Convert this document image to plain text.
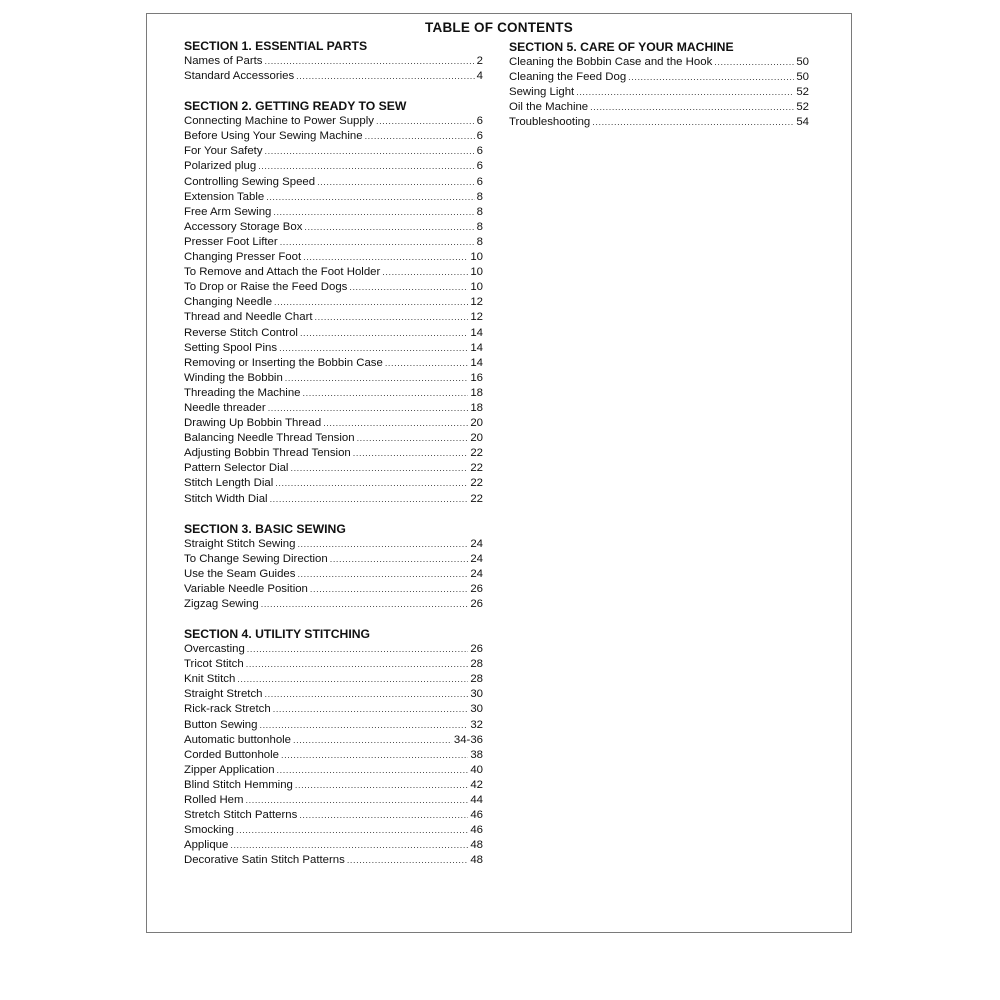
TABLE OF CONTENTS
SECTION 1. ESSENTIAL PARTS
Names of Parts .....	2
Standard Accessories .....	4
SECTION 2. GETTING READY TO SEW
Connecting Machine to Power Supply .....	6
Before Using Your Sewing Machine .....	6
For Your Safety .....	6
Polarized plug .....	6
Controlling Sewing Speed .....	6
Extension Table .....	8
Free Arm Sewing .....	8
Accessory Storage Box .....	8
Presser Foot Lifter .....	8
Changing Presser Foot .....	10
To Remove and Attach the Foot Holder .....	10
To Drop or Raise the Feed Dogs .....	10
Changing Needle .....	12
Thread and Needle Chart .....	12
Reverse Stitch Control .....	14
Setting Spool Pins .....	14
Removing or Inserting the Bobbin Case .....	14
Winding the Bobbin .....	16
Threading the Machine .....	18
Needle threader .....	18
Drawing Up Bobbin Thread .....	20
Balancing Needle Thread Tension .....	20
Adjusting Bobbin Thread Tension .....	22
Pattern Selector Dial .....	22
Stitch Length Dial .....	22
Stitch Width Dial .....	22
SECTION 3. BASIC SEWING
Straight Stitch Sewing .....	24
To Change Sewing Direction .....	24
Use the Seam Guides .....	24
Variable Needle Position .....	26
Zigzag Sewing .....	26
SECTION 4. UTILITY STITCHING
Overcasting .....	26
Tricot Stitch .....	28
Knit Stitch .....	28
Straight Stretch .....	30
Rick-rack Stretch .....	30
Button Sewing .....	32
Automatic buttonhole .....	34-36
Corded Buttonhole .....	38
Zipper Application .....	40
Blind Stitch Hemming .....	42
Rolled Hem .....	44
Stretch Stitch Patterns .....	46
Smocking .....	46
Applique .....	48
Decorative Satin Stitch Patterns .....	48
SECTION 5. CARE OF YOUR MACHINE
Cleaning the Bobbin Case and the Hook .....	50
Cleaning the Feed Dog .....	50
Sewing Light .....	52
Oil the Machine .....	52
Troubleshooting .....	54
